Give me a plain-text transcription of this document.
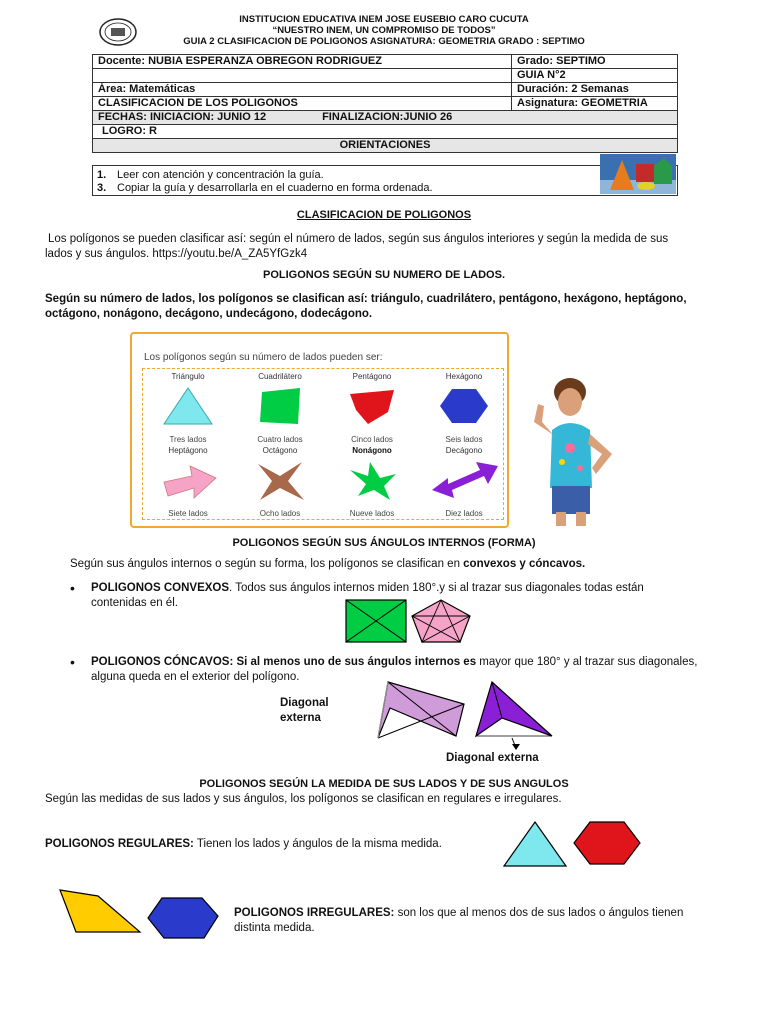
INSTITUCION EDUCATIVA INEM JOSE EUSEBIO CARO CUCUTA
“NUESTRO INEM, UN COMPROMISO DE TODOS”
GUIA 2 CLASIFICACION DE POLIGONOS ASIGNATURA: GEOMETRIA GRADO : SEPTIMO
Docente: NUBIA ESPERANZA OBREGON RODRIGUEZ	Grado: SEPTIMO
	GUIA N°2
Área: Matemáticas	Duración: 2 Semanas
CLASIFICACION DE LOS POLIGONOS	Asignatura: GEOMETRIA
FECHAS: INICIACION: JUNIO 12 FINALIZACION:JUNIO 26	
LOGRO: R	
ORIENTACIONES	
1. Leer con atención y concentración la guía.
3. Copiar la guía y desarrollarla en el cuaderno en forma ordenada.
CLASIFICACION DE POLIGONOS
Los polígonos se pueden clasificar así: según el número de lados, según sus ángulos interiores y según la medida de sus
lados y sus ángulos. https://youtu.be/A_ZA5YfGzk4
POLIGONOS SEGÚN SU NUMERO DE LADOS.
Según su número de lados, los polígonos se clasifican así: triángulo, cuadrilátero, pentágono, hexágono, heptágono,
octágono, nonágono, decágono, undecágono, dodecágono.
Los polígonos según su número de lados pueden ser:
Triángulo
Tres lados
Cuadrilátero
Cuatro lados
Pentágono
Cinco lados
Hexágono
Seis lados
Heptágono
Siete lados
Octágono
Ocho lados
Nonágono
Nueve lados
Decágono
Diez lados
POLIGONOS SEGÚN SUS ÁNGULOS INTERNOS (FORMA)
Según sus ángulos internos o según su forma, los polígonos se clasifican en convexos y cóncavos.
• POLIGONOS CONVEXOS. Todos sus ángulos internos miden 180°.y si al trazar sus diagonales todas están
contenidas en él.
• POLIGONOS CÓNCAVOS: Si al menos uno de sus ángulos internos es mayor que 180° y al trazar sus diagonales,
alguna queda en el exterior del polígono.
Diagonal
externa
Diagonal externa
POLIGONOS SEGÚN LA MEDIDA DE SUS LADOS Y DE SUS ANGULOS
Según las medidas de sus lados y sus ángulos, los polígonos se clasifican en regulares e irregulares.
POLIGONOS REGULARES: Tienen los lados y ángulos de la misma medida.
POLIGONOS IRREGULARES: son los que al menos dos de sus lados o ángulos tienen
distinta medida.
